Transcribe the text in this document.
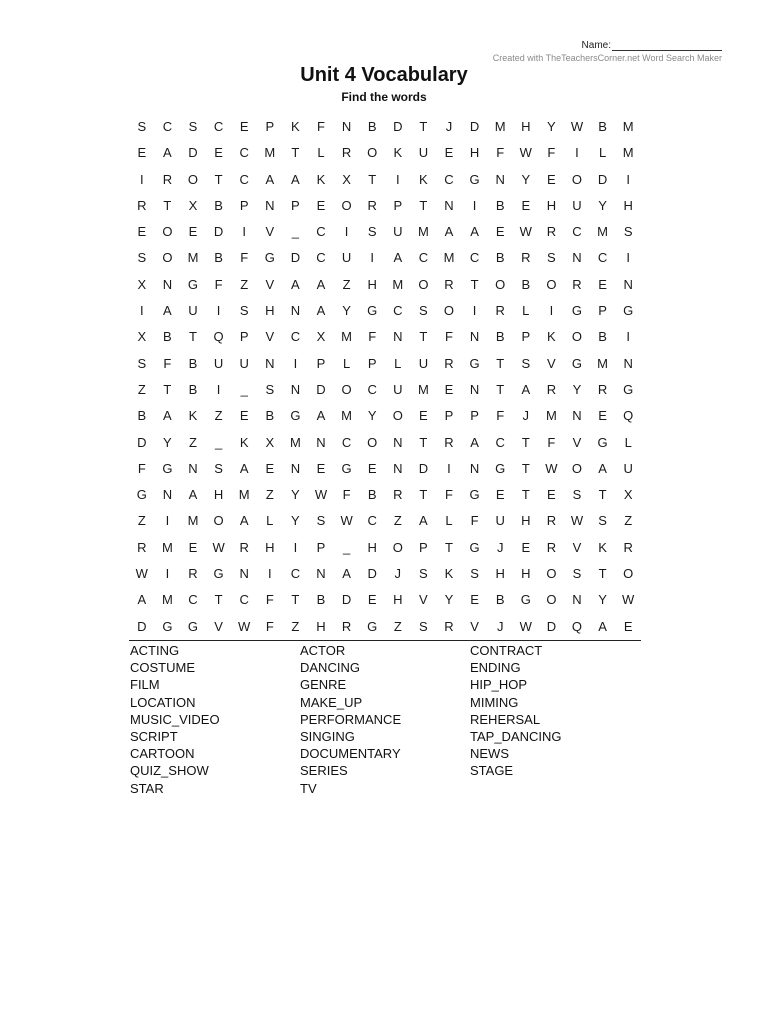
Name:
Created with TheTeachersCorner.net Word Search Maker
Unit 4 Vocabulary
Find the words
S	C	S	C	E	P	K	F	N	B	D	T	J	D	M	H	Y	W	B	M
E	A	D	E	C	M	T	L	R	O	K	U	E	H	F	W	F	I	L	M
I	R	O	T	C	A	A	K	X	T	I	K	C	G	N	Y	E	O	D	I
R	T	X	B	P	N	P	E	O	R	P	T	N	I	B	E	H	U	Y	H
E	O	E	D	I	V	_	C	I	S	U	M	A	A	E	W	R	C	M	S
S	O	M	B	F	G	D	C	U	I	A	C	M	C	B	R	S	N	C	I
X	N	G	F	Z	V	A	A	Z	H	M	O	R	T	O	B	O	R	E	N
I	A	U	I	S	H	N	A	Y	G	C	S	O	I	R	L	I	G	P	G
X	B	T	Q	P	V	C	X	M	F	N	T	F	N	B	P	K	O	B	I
S	F	B	U	U	N	I	P	L	P	L	U	R	G	T	S	V	G	M	N
Z	T	B	I	_	S	N	D	O	C	U	M	E	N	T	A	R	Y	R	G
B	A	K	Z	E	B	G	A	M	Y	O	E	P	P	F	J	M	N	E	Q
D	Y	Z	_	K	X	M	N	C	O	N	T	R	A	C	T	F	V	G	L
F	G	N	S	A	E	N	E	G	E	N	D	I	N	G	T	W	O	A	U
G	N	A	H	M	Z	Y	W	F	B	R	T	F	G	E	T	E	S	T	X
Z	I	M	O	A	L	Y	S	W	C	Z	A	L	F	U	H	R	W	S	Z
R	M	E	W	R	H	I	P	_	H	O	P	T	G	J	E	R	V	K	R
W	I	R	G	N	I	C	N	A	D	J	S	K	S	H	H	O	S	T	O
A	M	C	T	C	F	T	B	D	E	H	V	Y	E	B	G	O	N	Y	W
D	G	G	V	W	F	Z	H	R	G	Z	S	R	V	J	W	D	Q	A	E
ACTING	ACTOR	CONTRACT
COSTUME	DANCING	ENDING
FILM	GENRE	HIP_HOP
LOCATION	MAKE_UP	MIMING
MUSIC_VIDEO	PERFORMANCE	REHERSAL
SCRIPT	SINGING	TAP_DANCING
CARTOON	DOCUMENTARY	NEWS
QUIZ_SHOW	SERIES	STAGE
STAR	TV
